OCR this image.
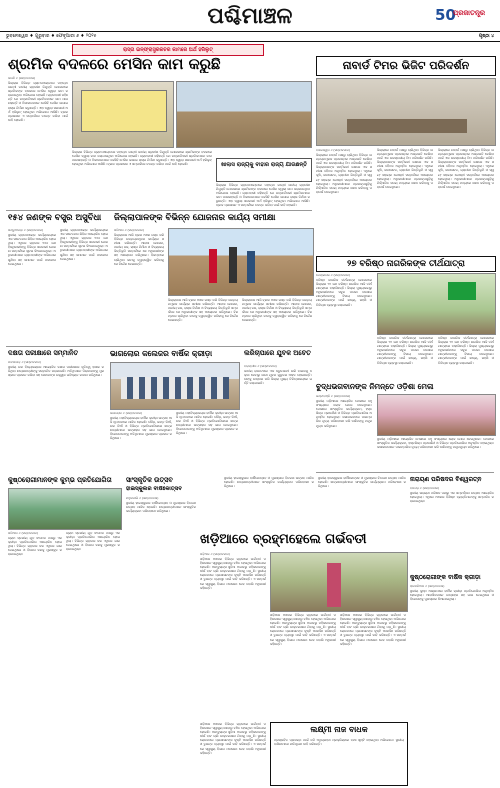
ପଶ୍ଚିମାଞ୍ଚଳ	50
ପ୍ରଜାତନ୍ତ୍ର
ଭୁବନେଶ୍ୱର ♦ ଗୁରୁବାର ♦ ଫେବୃଆରୀ ୬ ♦ ୨୦୨୫	ପୃଷ୍ଠା ୪
ରାସ୍ତା ଇନ୍‌ଫ୍ରାସ୍ଟ୍ରକଚର କାମରେ ଅର୍ଥ ହରିଲୁଟ୍
ଶ୍ରମିକ ବଦଳରେ ମେସିନ କାମ କରୁଛି
ଭରଣି ୬ (ସମ୍ବାଦଦାତା)
ଜିଲ୍ଲାର ବିଭିନ୍ନ ଗ୍ରାମପଞ୍ଚାୟତରେ ମହାତ୍ମା ଗାନ୍ଧୀ ଜାତୀୟ ଗ୍ରାମୀଣ ନିଯୁକ୍ତି ଯୋଜନାରେ ଶ୍ରମିକଙ୍କ ବଦଳରେ ମେସିନ ଦ୍ୱାରା କାମ କରାଯାଉଥିବା ଅଭିଯୋଗ ହୋଇଛି। ଗ୍ରାମବାସୀ କହିଛନ୍ତି ଯେ ଜବ୍‌କାର୍ଡଧାରୀ ଶ୍ରମିକମାନେ କାମ ପାଉନାହାନ୍ତି ଓ ଠିକାଦାରମାନେ ଜେସିବି ମେସିନ ଲଗାଇ ରାସ୍ତା ନିର୍ମାଣ କରୁଛନ୍ତି। ଏହା ଦ୍ୱାରା ସରକାରୀ ଅର୍ଥ ହରିଲୁଟ୍ ହେଉଥିବା ଅଭିଯୋଗ ଆସିଛି। ବ୍ଲକ ପ୍ରଶାସନ ଏ ସମ୍ପର୍କରେ ତଦନ୍ତ କରିବା ପାଇଁ ଦାବି ହୋଇଛି।
ଜିଲ୍ଲାର ବିଭିନ୍ନ ଗ୍ରାମପଞ୍ଚାୟତରେ ମହାତ୍ମା ଗାନ୍ଧୀ ଜାତୀୟ ଗ୍ରାମୀଣ ନିଯୁକ୍ତି ଯୋଜନାରେ ଶ୍ରମିକଙ୍କ ବଦଳରେ ମେସିନ ଦ୍ୱାରା କାମ କରାଯାଉଥିବା ଅଭିଯୋଗ ହୋଇଛି। ଗ୍ରାମବାସୀ କହିଛନ୍ତି ଯେ ଜବ୍‌କାର୍ଡଧାରୀ ଶ୍ରମିକମାନେ କାମ ପାଉନାହାନ୍ତି ଓ ଠିକାଦାରମାନେ ଜେସିବି ମେସିନ ଲଗାଇ ରାସ୍ତା ନିର୍ମାଣ କରୁଛନ୍ତି। ଏହା ଦ୍ୱାରା ସରକାରୀ ଅର୍ଥ ହରିଲୁଟ୍ ହେଉଥିବା ଅଭିଯୋଗ ଆସିଛି। ବ୍ଲକ ପ୍ରଶାସନ ଏ ସମ୍ପର୍କରେ ତଦନ୍ତ କରିବା ପାଇଁ ଦାବି ହୋଇଛି।	ଖାଲାସ ରାଜ୍ୟକୁ ବାହାର ରାଜ୍ୟ ଯାଉଛନ୍ତି
ଜିଲ୍ଲାର ବିଭିନ୍ନ ଗ୍ରାମପଞ୍ଚାୟତରେ ମହାତ୍ମା ଗାନ୍ଧୀ ଜାତୀୟ ଗ୍ରାମୀଣ ନିଯୁକ୍ତି ଯୋଜନାରେ ଶ୍ରମିକଙ୍କ ବଦଳରେ ମେସିନ ଦ୍ୱାରା କାମ କରାଯାଉଥିବା ଅଭିଯୋଗ ହୋଇଛି। ଗ୍ରାମବାସୀ କହିଛନ୍ତି ଯେ ଜବ୍‌କାର୍ଡଧାରୀ ଶ୍ରମିକମାନେ କାମ ପାଉନାହାନ୍ତି ଓ ଠିକାଦାରମାନେ ଜେସିବି ମେସିନ ଲଗାଇ ରାସ୍ତା ନିର୍ମାଣ କରୁଛନ୍ତି। ଏହା ଦ୍ୱାରା ସରକାରୀ ଅର୍ଥ ହରିଲୁଟ୍ ହେଉଥିବା ଅଭିଯୋଗ ଆସିଛି। ବ୍ଲକ ପ୍ରଶାସନ ଏ ସମ୍ପର୍କରେ ତଦନ୍ତ କରିବା ପାଇଁ ଦାବି ହୋଇଛି।
ନାବାର୍ଡ ଟିମର ଭିଜିଟ ପରିଦର୍ଶନ
ବାଲେଶ୍ୱର ୬ (ସମ୍ବାଦଦାତା)
ଜିଲ୍ଲାରେ ନାବାର୍ଡ ପକ୍ଷରୁ ଚାଲିଥିବା ବିଭିନ୍ନ ଉନ୍ନୟନମୂଳକ ପ୍ରକଳ୍ପର ଅଗ୍ରଗତି ଦେଖିବା ପାଇଁ ଏକ ଉଚ୍ଚସ୍ତରୀୟ ଟିମ ପରିଦର୍ଶନ କରିଛି। ଜିଲ୍ଲାପାଳଙ୍କ ସମ୍ମିଳନୀ କକ୍ଷରେ ଏକ ସମୀକ୍ଷା ବୈଠକ ଅନୁଷ୍ଠିତ ହୋଇଥିଲା। ଏଥିରେ କୃଷି, ଜଳସେଚନ, ଗ୍ରାମୀଣ ଭିତ୍ତିଭୂମି ଓ ସ୍ୱୟଂ ସହାୟକ ଗୋଷ୍ଠୀ ସମ୍ପର୍କରେ ଆଲୋଚନା ହୋଇଥିଲା। ଅଧିକାରୀମାନେ ପ୍ରକଳ୍ପଗୁଡ଼ିକୁ ନିର୍ଦ୍ଧାରିତ ସମୟ ମଧ୍ୟରେ ଶେଷ କରିବାକୁ ପରାମର୍ଶ ଦେଇଥିଲେ।
ଜିଲ୍ଲାରେ ନାବାର୍ଡ ପକ୍ଷରୁ ଚାଲିଥିବା ବିଭିନ୍ନ ଉନ୍ନୟନମୂଳକ ପ୍ରକଳ୍ପର ଅଗ୍ରଗତି ଦେଖିବା ପାଇଁ ଏକ ଉଚ୍ଚସ୍ତରୀୟ ଟିମ ପରିଦର୍ଶନ କରିଛି। ଜିଲ୍ଲାପାଳଙ୍କ ସମ୍ମିଳନୀ କକ୍ଷରେ ଏକ ସମୀକ୍ଷା ବୈଠକ ଅନୁଷ୍ଠିତ ହୋଇଥିଲା। ଏଥିରେ କୃଷି, ଜଳସେଚନ, ଗ୍ରାମୀଣ ଭିତ୍ତିଭୂମି ଓ ସ୍ୱୟଂ ସହାୟକ ଗୋଷ୍ଠୀ ସମ୍ପର୍କରେ ଆଲୋଚନା ହୋଇଥିଲା। ଅଧିକାରୀମାନେ ପ୍ରକଳ୍ପଗୁଡ଼ିକୁ ନିର୍ଦ୍ଧାରିତ ସମୟ ମଧ୍ୟରେ ଶେଷ କରିବାକୁ ପରାମର୍ଶ ଦେଇଥିଲେ।
ଜିଲ୍ଲାରେ ନାବାର୍ଡ ପକ୍ଷରୁ ଚାଲିଥିବା ବିଭିନ୍ନ ଉନ୍ନୟନମୂଳକ ପ୍ରକଳ୍ପର ଅଗ୍ରଗତି ଦେଖିବା ପାଇଁ ଏକ ଉଚ୍ଚସ୍ତରୀୟ ଟିମ ପରିଦର୍ଶନ କରିଛି। ଜିଲ୍ଲାପାଳଙ୍କ ସମ୍ମିଳନୀ କକ୍ଷରେ ଏକ ସମୀକ୍ଷା ବୈଠକ ଅନୁଷ୍ଠିତ ହୋଇଥିଲା। ଏଥିରେ କୃଷି, ଜଳସେଚନ, ଗ୍ରାମୀଣ ଭିତ୍ତିଭୂମି ଓ ସ୍ୱୟଂ ସହାୟକ ଗୋଷ୍ଠୀ ସମ୍ପର୍କରେ ଆଲୋଚନା ହୋଇଥିଲା। ଅଧିକାରୀମାନେ ପ୍ରକଳ୍ପଗୁଡ଼ିକୁ ନିର୍ଦ୍ଧାରିତ ସମୟ ମଧ୍ୟରେ ଶେଷ କରିବାକୁ ପରାମର୍ଶ ଦେଇଥିଲେ।
୧୫୪ ଜଣଙ୍କ ବସ୍ତ୍ର ଅସୁବିଧା
ଖଣ୍ଡୁଆପଡ଼ା ୬ (ସମ୍ବାଦଦାତା)
ସ୍ଥାନୀୟ ଗ୍ରାମପଞ୍ଚାୟତ କାର୍ଯ୍ୟାଳୟରେ ଏକ ସଚେତନତା ଶିବିର ଆୟୋଜିତ ହୋଇଥିଲା। ଏଥିରେ ଗ୍ରାମର ୧୫୪ ଜଣ ହିତାଧିକାରୀଙ୍କୁ ବିଭିନ୍ନ ସରକାରୀ ଯୋଜନା ସମ୍ପର୍କରେ ସୂଚନା ଦିଆଯାଇଥିଲା। ଅଧିକାରୀମାନେ ଗ୍ରାମବାସୀଙ୍କ ଅଭିଯୋଗ ଶୁଣିବା ସହ ସମାଧାନ ପାଇଁ ପଦକ୍ଷେପ ନେଇଥିଲେ।
ସ୍ଥାନୀୟ ଗ୍ରାମପଞ୍ଚାୟତ କାର୍ଯ୍ୟାଳୟରେ ଏକ ସଚେତନତା ଶିବିର ଆୟୋଜିତ ହୋଇଥିଲା। ଏଥିରେ ଗ୍ରାମର ୧୫୪ ଜଣ ହିତାଧିକାରୀଙ୍କୁ ବିଭିନ୍ନ ସରକାରୀ ଯୋଜନା ସମ୍ପର୍କରେ ସୂଚନା ଦିଆଯାଇଥିଲା। ଅଧିକାରୀମାନେ ଗ୍ରାମବାସୀଙ୍କ ଅଭିଯୋଗ ଶୁଣିବା ସହ ସମାଧାନ ପାଇଁ ପଦକ୍ଷେପ ନେଇଥିଲେ।
ଜିଲ୍ଲାପାଳଙ୍କ ବିଭିନ୍ନ ଯୋଜନାର କାର୍ଯ୍ୟ ସମୀକ୍ଷା
ଖରିଆର ୬ (ସମ୍ବାଦଦାତା)
ଜିଲ୍ଲାପାଳ ଆଜି ବ୍ଲକ ଅଞ୍ଚଳ ଗସ୍ତ କରି ବିଭିନ୍ନ ଉନ୍ନୟନମୂଳକ କାର୍ଯ୍ୟର ସମୀକ୍ଷା କରିଛନ୍ତି। ଆବାସ ଯୋଜନା, ପାନୀୟ ଜଳ, ରାସ୍ତା ନିର୍ମାଣ ଓ ବିଦ୍ୟାଳୟ ଭିତ୍ତିଭୂମି ସମ୍ପର୍କରେ ସେ ଅଧିକାରୀଙ୍କ ସହ ଆଲୋଚନା କରିଥିଲେ। ବିଳମ୍ବରେ ଚାଲିଥିବା କାମକୁ ତ୍ୱରାନ୍ୱିତ କରିବାକୁ ସେ ନିର୍ଦ୍ଦେଶ ଦେଇଛନ୍ତି।
ଜିଲ୍ଲାପାଳ ଆଜି ବ୍ଲକ ଅଞ୍ଚଳ ଗସ୍ତ କରି ବିଭିନ୍ନ ଉନ୍ନୟନମୂଳକ କାର୍ଯ୍ୟର ସମୀକ୍ଷା କରିଛନ୍ତି। ଆବାସ ଯୋଜନା, ପାନୀୟ ଜଳ, ରାସ୍ତା ନିର୍ମାଣ ଓ ବିଦ୍ୟାଳୟ ଭିତ୍ତିଭୂମି ସମ୍ପର୍କରେ ସେ ଅଧିକାରୀଙ୍କ ସହ ଆଲୋଚନା କରିଥିଲେ। ବିଳମ୍ବରେ ଚାଲିଥିବା କାମକୁ ତ୍ୱରାନ୍ୱିତ କରିବାକୁ ସେ ନିର୍ଦ୍ଦେଶ ଦେଇଛନ୍ତି।
ଜିଲ୍ଲାପାଳ ଆଜି ବ୍ଲକ ଅଞ୍ଚଳ ଗସ୍ତ କରି ବିଭିନ୍ନ ଉନ୍ନୟନମୂଳକ କାର୍ଯ୍ୟର ସମୀକ୍ଷା କରିଛନ୍ତି। ଆବାସ ଯୋଜନା, ପାନୀୟ ଜଳ, ରାସ୍ତା ନିର୍ମାଣ ଓ ବିଦ୍ୟାଳୟ ଭିତ୍ତିଭୂମି ସମ୍ପର୍କରେ ସେ ଅଧିକାରୀଙ୍କ ସହ ଆଲୋଚନା କରିଥିଲେ। ବିଳମ୍ବରେ ଚାଲିଥିବା କାମକୁ ତ୍ୱରାନ୍ୱିତ କରିବାକୁ ସେ ନିର୍ଦ୍ଦେଶ ଦେଇଛନ୍ତି।
୨୭ ବରିଷ୍ଠ ନାଗରିକଙ୍କ ତୀର୍ଥଯାତ୍ରା
ଡେଙ୍କାନାଳ ୬ (ସମ୍ବାଦଦାତା)
ବରିଷ୍ଠ ନାଗରିକ ତୀର୍ଥଯାତ୍ରା ଯୋଜନାରେ ଜିଲ୍ଲାର ୨୭ ଜଣ ବରିଷ୍ଠ ନାଗରିକ ଆଜି ତୀର୍ଥଯାତ୍ରାରେ ବାହାରିଛନ୍ତି। ଜିଲ୍ଲା ମୁଖ୍ୟାଳୟରୁ ଅଧିକାରୀମାନେ ସବୁଜ ପତାକା ଦେଖାଇ ଯାତ୍ରୀମାନଙ୍କୁ ବିଦାୟ ଦେଇଥିଲେ। ଯାତ୍ରୀମାନଙ୍କ ପାଇଁ ଖାଦ୍ୟ, ରହଣି ଓ ଚିକିତ୍ସା ବ୍ୟବସ୍ଥା କରାଯାଇଛି।
ବରିଷ୍ଠ ନାଗରିକ ତୀର୍ଥଯାତ୍ରା ଯୋଜନାରେ ଜିଲ୍ଲାର ୨୭ ଜଣ ବରିଷ୍ଠ ନାଗରିକ ଆଜି ତୀର୍ଥଯାତ୍ରାରେ ବାହାରିଛନ୍ତି। ଜିଲ୍ଲା ମୁଖ୍ୟାଳୟରୁ ଅଧିକାରୀମାନେ ସବୁଜ ପତାକା ଦେଖାଇ ଯାତ୍ରୀମାନଙ୍କୁ ବିଦାୟ ଦେଇଥିଲେ। ଯାତ୍ରୀମାନଙ୍କ ପାଇଁ ଖାଦ୍ୟ, ରହଣି ଓ ଚିକିତ୍ସା ବ୍ୟବସ୍ଥା କରାଯାଇଛି।
ବରିଷ୍ଠ ନାଗରିକ ତୀର୍ଥଯାତ୍ରା ଯୋଜନାରେ ଜିଲ୍ଲାର ୨୭ ଜଣ ବରିଷ୍ଠ ନାଗରିକ ଆଜି ତୀର୍ଥଯାତ୍ରାରେ ବାହାରିଛନ୍ତି। ଜିଲ୍ଲା ମୁଖ୍ୟାଳୟରୁ ଅଧିକାରୀମାନେ ସବୁଜ ପତାକା ଦେଖାଇ ଯାତ୍ରୀମାନଙ୍କୁ ବିଦାୟ ଦେଇଥିଲେ। ଯାତ୍ରୀମାନଙ୍କ ପାଇଁ ଖାଦ୍ୟ, ରହଣି ଓ ଚିକିତ୍ସା ବ୍ୟବସ୍ଥା କରାଯାଇଛି।
ଦକ୍ଷତା ପରୀକ୍ଷାରେ ସମ୍ମାନିତ
ପାଟଣାଗଡ଼ ୬ (ସମ୍ବାଦଦାତା)
ସ୍ଥାନୀୟ ଉଚ୍ଚ ବିଦ୍ୟାଳୟରେ ଆୟୋଜିତ ଦକ୍ଷତା ପରୀକ୍ଷାରେ କୃତିତ୍ୱ ହାସଲ କରିଥିବା ଛାତ୍ରଛାତ୍ରୀଙ୍କୁ ସମ୍ମାନିତ କରାଯାଇଛି। ଅତିଥିମାନେ ପିଲାମାନଙ୍କୁ ପୁରସ୍କାର ପ୍ରଦାନ କରିବା ସହ ସେମାନଙ୍କ ଉଜ୍ଜ୍ୱଳ ଭବିଷ୍ୟତ କାମନା କରିଥିଲେ।
ଭାଗଲୋର କଲେଜର ବାର୍ଷିକ କ୍ରୀଡ଼ା
ଭାଗଲୋର ୬ (ସମ୍ବାଦଦାତା)
ସ୍ଥାନୀୟ ମହାବିଦ୍ୟାଳୟର ବାର୍ଷିକ କ୍ରୀଡ଼ା ଉତ୍ସବ ଆଜି ଧୂମଧାମରେ ପାଳିତ ହୋଇଛି। ଦୌଡ଼, ଲମ୍ବ ଡିଆଁ, ଉଚ୍ଚ ଡିଆଁ ଓ ବିଭିନ୍ନ ପ୍ରତିଯୋଗିତାରେ ଛାତ୍ରଛାତ୍ରୀମାନେ ଉତ୍ସାହର ସହ ଭାଗ ନେଇଥିଲେ। ବିଜେତାମାନଙ୍କୁ ଅତିଥିମାନେ ପୁରସ୍କାର ପ୍ରଦାନ କରିଥିଲେ।
ସ୍ଥାନୀୟ ମହାବିଦ୍ୟାଳୟର ବାର୍ଷିକ କ୍ରୀଡ଼ା ଉତ୍ସବ ଆଜି ଧୂମଧାମରେ ପାଳିତ ହୋଇଛି। ଦୌଡ଼, ଲମ୍ବ ଡିଆଁ, ଉଚ୍ଚ ଡିଆଁ ଓ ବିଭିନ୍ନ ପ୍ରତିଯୋଗିତାରେ ଛାତ୍ରଛାତ୍ରୀମାନେ ଉତ୍ସାହର ସହ ଭାଗ ନେଇଥିଲେ। ବିଜେତାମାନଙ୍କୁ ଅତିଥିମାନେ ପୁରସ୍କାର ପ୍ରଦାନ କରିଥିଲେ।
ଲରିଚାପାରେ ଯୁବକ ଅଚେତ
ବଲାଙ୍ଗୀର ୬ (ସମ୍ବାଦଦାତା)
ଜାତୀୟ ରାଜପଥରେ ଏକ ଦ୍ରୁତଗାମୀ ଲରି ବାଇକକୁ ଧକ୍କା ଦେବାରୁ ଜଣେ ଯୁବକ ଗୁରୁତର ଆହତ ହୋଇଛନ୍ତି। ତାଙ୍କୁ ଉଦ୍ଧାର କରି ଜିଲ୍ଲା ମୁଖ୍ୟ ଚିକିତ୍ସାଳୟରେ ଭର୍ତ୍ତି କରାଯାଇଛି।	ବୁଦ୍ଧଭଗବାନଙ୍କ ନିମନ୍ତେ ଓଡ଼ିଶା ମେଳା
କଣ୍ଟାବାଞ୍ଜି ୬ (ସମ୍ବାଦଦାତା)
ସ୍ଥାନୀୟ ପଡ଼ିଆରେ ଆୟୋଜିତ ମେଳାରେ ବହୁ ସଂଖ୍ୟାରେ ଲୋକ ଯୋଗ ଦେଇଥିଲେ। ମେଳାରେ ସାଂସ୍କୃତିକ କାର୍ଯ୍ୟକ୍ରମ, ହସ୍ତଶିଳ୍ପ ପ୍ରଦର୍ଶନୀ ଓ ବିଭିନ୍ନ ପ୍ରତିଯୋଗିତା ଅନୁଷ୍ଠିତ ହୋଇଥିଲା। କଳାକାରମାନେ ପାରମ୍ପରିକ ନୃତ୍ୟ ପରିବେଷଣ କରି ଦର୍ଶକଙ୍କୁ ମନ୍ତ୍ରମୁଗ୍ଧ କରିଥିଲେ।
ସ୍ଥାନୀୟ ପଡ଼ିଆରେ ଆୟୋଜିତ ମେଳାରେ ବହୁ ସଂଖ୍ୟାରେ ଲୋକ ଯୋଗ ଦେଇଥିଲେ। ମେଳାରେ ସାଂସ୍କୃତିକ କାର୍ଯ୍ୟକ୍ରମ, ହସ୍ତଶିଳ୍ପ ପ୍ରଦର୍ଶନୀ ଓ ବିଭିନ୍ନ ପ୍ରତିଯୋଗିତା ଅନୁଷ୍ଠିତ ହୋଇଥିଲା। କଳାକାରମାନେ ପାରମ୍ପରିକ ନୃତ୍ୟ ପରିବେଷଣ କରି ଦର୍ଶକଙ୍କୁ ମନ୍ତ୍ରମୁଗ୍ଧ କରିଥିଲେ।
ନାରାୟଣ ପରିଷଦର ବିଶ୍ୱରତ୍ନ
ବରଗଡ଼ ୬ (ସମ୍ବାଦଦାତା)
ସ୍ଥାନୀୟ ନାରାୟଣ ପରିଷଦ ପକ୍ଷରୁ ଏକ ସମ୍ବର୍ଦ୍ଧନା ଉତ୍ସବ ଆୟୋଜିତ ହୋଇଥିଲା। ଏଥିରେ ଅଞ୍ଚଳର ବିଶିଷ୍ଟ ବ୍ୟକ୍ତିମାନଙ୍କୁ ସମ୍ମାନିତ କରାଯାଇଥିଲା।
ଖଡ଼ିଆରେ ବ୍ରହ୍ମହେଲେ ଗର୍ଭବତୀ
ଖଡ଼ିଆଳ ୬ (ସମ୍ବାଦଦାତା)
ଖଡ଼ିଆଳ ଅଞ୍ଚଳର ବିଭିନ୍ନ ଗ୍ରାମରେ ଗର୍ଭବତୀ ମହିଳାମାନେ ସ୍ୱାସ୍ଥ୍ୟ ସେବାରୁ ବଞ୍ଚିତ ହେଉଥିବା ଅଭିଯୋଗ ହୋଇଛି। ଆମ୍ବୁଲାନ୍ସ ସୁବିଧା ଅଭାବରୁ ମହିଳାମାନଙ୍କୁ ଦୀର୍ଘ ବାଟ ଚାଲି ଡାକ୍ତରଖାନା ଯିବାକୁ ପଡ଼ୁଛି। ସ୍ଥାନୀୟ ଲୋକମାନେ ପ୍ରଶାସନଙ୍କ ଦୃଷ୍ଟି ଆକର୍ଷଣ କରିଛନ୍ତି ଓ ତୁରନ୍ତ ବ୍ୟବସ୍ଥା ପାଇଁ ଦାବି କରିଛନ୍ତି। ଏ ସମ୍ପର୍କରେ ସ୍ୱାସ୍ଥ୍ୟ ବିଭାଗ ପଦକ୍ଷେପ ନେବ ବୋଲି ଅଧିକାରୀ କହିଛନ୍ତି।
ଖଡ଼ିଆଳ ଅଞ୍ଚଳର ବିଭିନ୍ନ ଗ୍ରାମରେ ଗର୍ଭବତୀ ମହିଳାମାନେ ସ୍ୱାସ୍ଥ୍ୟ ସେବାରୁ ବଞ୍ଚିତ ହେଉଥିବା ଅଭିଯୋଗ ହୋଇଛି। ଆମ୍ବୁଲାନ୍ସ ସୁବିଧା ଅଭାବରୁ ମହିଳାମାନଙ୍କୁ ଦୀର୍ଘ ବାଟ ଚାଲି ଡାକ୍ତରଖାନା ଯିବାକୁ ପଡ଼ୁଛି। ସ୍ଥାନୀୟ ଲୋକମାନେ ପ୍ରଶାସନଙ୍କ ଦୃଷ୍ଟି ଆକର୍ଷଣ କରିଛନ୍ତି ଓ ତୁରନ୍ତ ବ୍ୟବସ୍ଥା ପାଇଁ ଦାବି କରିଛନ୍ତି। ଏ ସମ୍ପର୍କରେ ସ୍ୱାସ୍ଥ୍ୟ ବିଭାଗ ପଦକ୍ଷେପ ନେବ ବୋଲି ଅଧିକାରୀ କହିଛନ୍ତି।
ଖଡ଼ିଆଳ ଅଞ୍ଚଳର ବିଭିନ୍ନ ଗ୍ରାମରେ ଗର୍ଭବତୀ ମହିଳାମାନେ ସ୍ୱାସ୍ଥ୍ୟ ସେବାରୁ ବଞ୍ଚିତ ହେଉଥିବା ଅଭିଯୋଗ ହୋଇଛି। ଆମ୍ବୁଲାନ୍ସ ସୁବିଧା ଅଭାବରୁ ମହିଳାମାନଙ୍କୁ ଦୀର୍ଘ ବାଟ ଚାଲି ଡାକ୍ତରଖାନା ଯିବାକୁ ପଡ଼ୁଛି। ସ୍ଥାନୀୟ ଲୋକମାନେ ପ୍ରଶାସନଙ୍କ ଦୃଷ୍ଟି ଆକର୍ଷଣ କରିଛନ୍ତି ଓ ତୁରନ୍ତ ବ୍ୟବସ୍ଥା ପାଇଁ ଦାବି କରିଛନ୍ତି। ଏ ସମ୍ପର୍କରେ ସ୍ୱାସ୍ଥ୍ୟ ବିଭାଗ ପଦକ୍ଷେପ ନେବ ବୋଲି ଅଧିକାରୀ କହିଛନ୍ତି।
କୁଷ୍ଠରୋଗୀମାନଙ୍କ କୁମ୍ଭ ପ୍ରତିଯୋଗିତା
ଖରିଆର ୬ (ସମ୍ବାଦଦାତା)
ଗ୍ରାମ ସ୍ତରୀୟ ଯୁବ ସଂଗଠନ ପକ୍ଷରୁ ଏକ କ୍ରୀଡ଼ା ପ୍ରତିଯୋଗିତା ଆୟୋଜିତ ହୋଇଥିଲା। ବିଭିନ୍ନ ଗ୍ରାମର ଦଳ ଏଥିରେ ଭାଗ ନେଇଥିଲେ ଓ ବିଜେତା ଦଳକୁ ପୁରସ୍କୃତ କରାଯାଇଥିଲା।
ଗ୍ରାମ ସ୍ତରୀୟ ଯୁବ ସଂଗଠନ ପକ୍ଷରୁ ଏକ କ୍ରୀଡ଼ା ପ୍ରତିଯୋଗିତା ଆୟୋଜିତ ହୋଇଥିଲା। ବିଭିନ୍ନ ଗ୍ରାମର ଦଳ ଏଥିରେ ଭାଗ ନେଇଥିଲେ ଓ ବିଜେତା ଦଳକୁ ପୁରସ୍କୃତ କରାଯାଇଥିଲା।
ସାଂସ୍କୃତିକ ଉତ୍ସବ
ହାଇସ୍କୁଲର ବାର୍ଷିକୋତ୍ସବ
ମହୁଲପାଲି ୬ (ସମ୍ବାଦଦାତା)
ସ୍ଥାନୀୟ ହାଇସ୍କୁଲର ବାର୍ଷିକୋତ୍ସବ ଓ ପୁରସ୍କାର ବିତରଣ ଉତ୍ସବ ପାଳିତ ହୋଇଛି। ଛାତ୍ରଛାତ୍ରୀମାନେ ସାଂସ୍କୃତିକ କାର୍ଯ୍ୟକ୍ରମ ପରିବେଷଣ କରିଥିଲେ।
ସ୍ଥାନୀୟ ହାଇସ୍କୁଲର ବାର୍ଷିକୋତ୍ସବ ଓ ପୁରସ୍କାର ବିତରଣ ଉତ୍ସବ ପାଳିତ ହୋଇଛି। ଛାତ୍ରଛାତ୍ରୀମାନେ ସାଂସ୍କୃତିକ କାର୍ଯ୍ୟକ୍ରମ ପରିବେଷଣ କରିଥିଲେ।
ସ୍ଥାନୀୟ ହାଇସ୍କୁଲର ବାର୍ଷିକୋତ୍ସବ ଓ ପୁରସ୍କାର ବିତରଣ ଉତ୍ସବ ପାଳିତ ହୋଇଛି। ଛାତ୍ରଛାତ୍ରୀମାନେ ସାଂସ୍କୃତିକ କାର୍ଯ୍ୟକ୍ରମ ପରିବେଷଣ କରିଥିଲେ।
ଲକ୍ଷ୍ମୀ ନାଜ ବାଧକ
ପ୍ରସ୍ତାବିତ ପ୍ରକଳ୍ପ ପାଇଁ ଜମି ଅଧିଗ୍ରହଣ ପ୍ରକ୍ରିୟାରେ ବାଧା ସୃଷ୍ଟି ହୋଇଥିବା ଅଭିଯୋଗ। ସ୍ଥାନୀୟ ବାସିନ୍ଦାମାନେ କ୍ଷତିପୂରଣ ଦାବି କରିଛନ୍ତି।
ଖଡ଼ିଆଳ ଅଞ୍ଚଳର ବିଭିନ୍ନ ଗ୍ରାମରେ ଗର୍ଭବତୀ ମହିଳାମାନେ ସ୍ୱାସ୍ଥ୍ୟ ସେବାରୁ ବଞ୍ଚିତ ହେଉଥିବା ଅଭିଯୋଗ ହୋଇଛି। ଆମ୍ବୁଲାନ୍ସ ସୁବିଧା ଅଭାବରୁ ମହିଳାମାନଙ୍କୁ ଦୀର୍ଘ ବାଟ ଚାଲି ଡାକ୍ତରଖାନା ଯିବାକୁ ପଡ଼ୁଛି। ସ୍ଥାନୀୟ ଲୋକମାନେ ପ୍ରଶାସନଙ୍କ ଦୃଷ୍ଟି ଆକର୍ଷଣ କରିଛନ୍ତି ଓ ତୁରନ୍ତ ବ୍ୟବସ୍ଥା ପାଇଁ ଦାବି କରିଛନ୍ତି। ଏ ସମ୍ପର୍କରେ ସ୍ୱାସ୍ଥ୍ୟ ବିଭାଗ ପଦକ୍ଷେପ ନେବ ବୋଲି ଅଧିକାରୀ କହିଛନ୍ତି।
କୁଷ୍ଠରୋଗୀଙ୍କ ବାର୍ଷିକ କ୍ରୀଡ଼ା
ରାଜଖରିଆର ୬ (ସମ୍ବାଦଦାତା)
ସ୍ଥାନୀୟ କୁଷ୍ଠ ଆଶ୍ରମରେ ବାର୍ଷିକ କ୍ରୀଡ଼ା ପ୍ରତିଯୋଗିତା ଅନୁଷ୍ଠିତ ହୋଇଥିଲା। ଆବାସିକମାନେ ଉତ୍ସାହର ସହ ଭାଗ ନେଇଥିଲେ ଓ ବିଜେତାଙ୍କୁ ପୁରସ୍କାର ଦିଆଯାଇଥିଲା।
